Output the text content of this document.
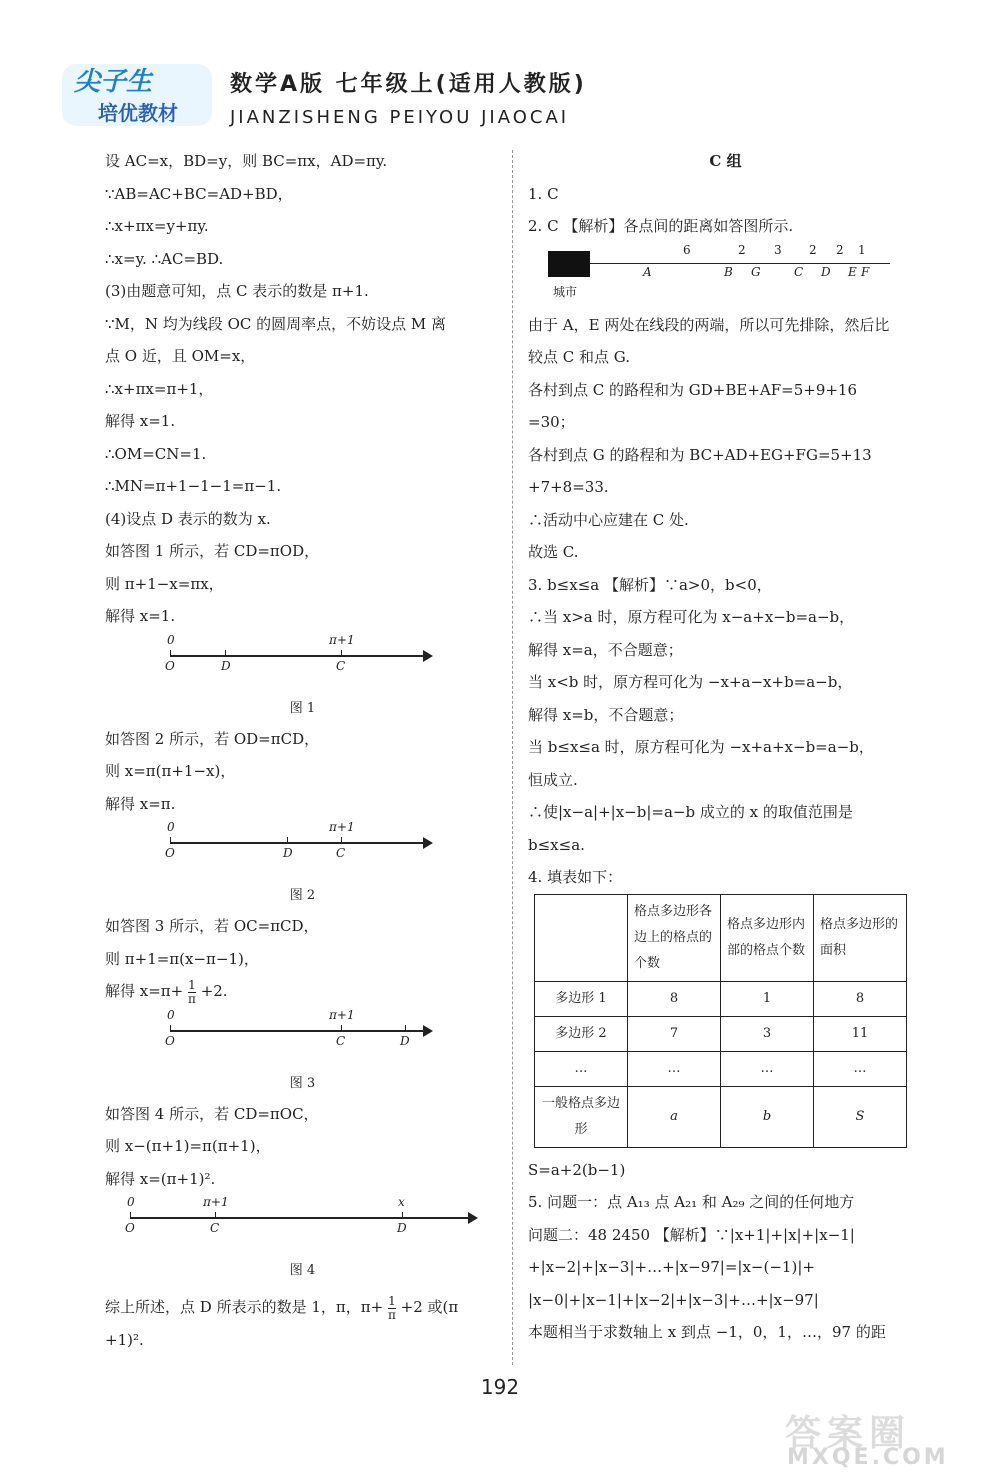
尖子生
培优教材
数学A版 七年级上(适用人教版)
JIANZISHENG PEIYOU JIAOCAI
设 AC=x，BD=y，则 BC=πx，AD=πy.
∵AB=AC+BC=AD+BD，
∴x+πx=y+πy.
∴x=y. ∴AC=BD.
(3)由题意可知，点 C 表示的数是 π+1.
∵M，N 均为线段 OC 的圆周率点，不妨设点 M 离
点 O 近，且 OM=x，
∴x+πx=π+1，
解得 x=1.
∴OM=CN=1.
∴MN=π+1−1−1=π−1.
(4)设点 D 表示的数为 x.
如答图 1 所示，若 CD=πOD，
则 π+1−x=πx，
解得 x=1.
0	π+1
O	D	C
图 1
如答图 2 所示，若 OD=πCD，
则 x=π(π+1−x)，
解得 x=π.
0	π+1
O	D	C
图 2
如答图 3 所示，若 OC=πCD，
则 π+1=π(x−π−1)，
解得 $x=\pi+ \frac{1}{\pi} +2$.
0	π+1
O	C	D
图 3
如答图 4 所示，若 CD=πOC，
则 x−(π+1)=π(π+1)，
解得 x=(π+1)².
0	π+1	x
O	C	D
图 4
综上所述，点 D 所表示的数是 1，π，$\pi+ \frac{1}{\pi} +2$ 或(π
+1)².
C 组
1. C
2. C 【解析】各点间的距离如答图所示.
城市
6	2 3 2 2 1
A	B G	C D E F
由于 A，E 两处在线段的两端，所以可先排除，然后比
较点 C 和点 G.
各村到点 C 的路程和为 GD+BE+AF=5+9+16
=30；
各村到点 G 的路程和为 BC+AD+EG+FG=5+13
+7+8=33.
∴活动中心应建在 C 处.
故选 C.
3. b≤x≤a 【解析】∵a>0，b<0，
∴当 x>a 时，原方程可化为 x−a+x−b=a−b，
解得 x=a，不合题意；
当 x<b 时，原方程可化为 −x+a−x+b=a−b，
解得 x=b，不合题意；
当 b≤x≤a 时，原方程可化为 −x+a+x−b=a−b，
恒成立.
∴使|x−a|+|x−b|=a−b 成立的 x 的取值范围是
b≤x≤a.
4. 填表如下：
	格点多边形各边上的格点的个数	格点多边形内部的格点个数	格点多边形的面积
多边形 1	8	1	8
多边形 2	7	3	11
…	…	…	…
一般格点多边形	a	b	S
S=a+2(b−1)
5. 问题一：点 A₁₃ 点 A₂₁ 和 A₂₉ 之间的任何地方
问题二：48 2450 【解析】∵|x+1|+|x|+|x−1|
+|x−2|+|x−3|+…+|x−97|=|x−(−1)|+
|x−0|+|x−1|+|x−2|+|x−3|+…+|x−97|
本题相当于求数轴上 x 到点 −1，0，1，…，97 的距
192
答案圈
MXQE.COM
